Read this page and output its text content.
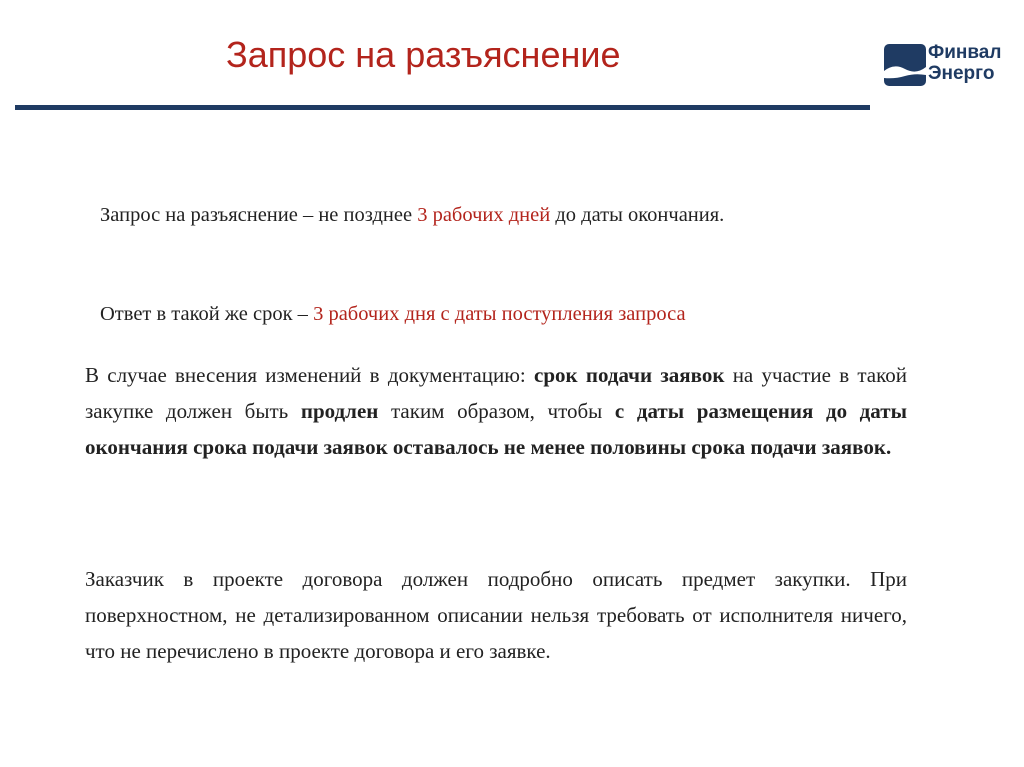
Запрос на разъяснение	Финвал
Энерго
Запрос на разъяснение – не позднее 3 рабочих дней до даты окончания.
Ответ в такой же срок – 3 рабочих дня с даты поступления запроса
В случае внесения изменений в документацию: срок подачи заявок на участие в такой закупке должен быть продлен таким образом, чтобы с даты размещения до даты окончания срока подачи заявок оставалось не менее половины срока подачи заявок.
Заказчик в проекте договора должен подробно описать предмет закупки. При поверхностном, не детализированном описании нельзя требовать от исполнителя ничего, что не перечислено в проекте договора и его заявке.
